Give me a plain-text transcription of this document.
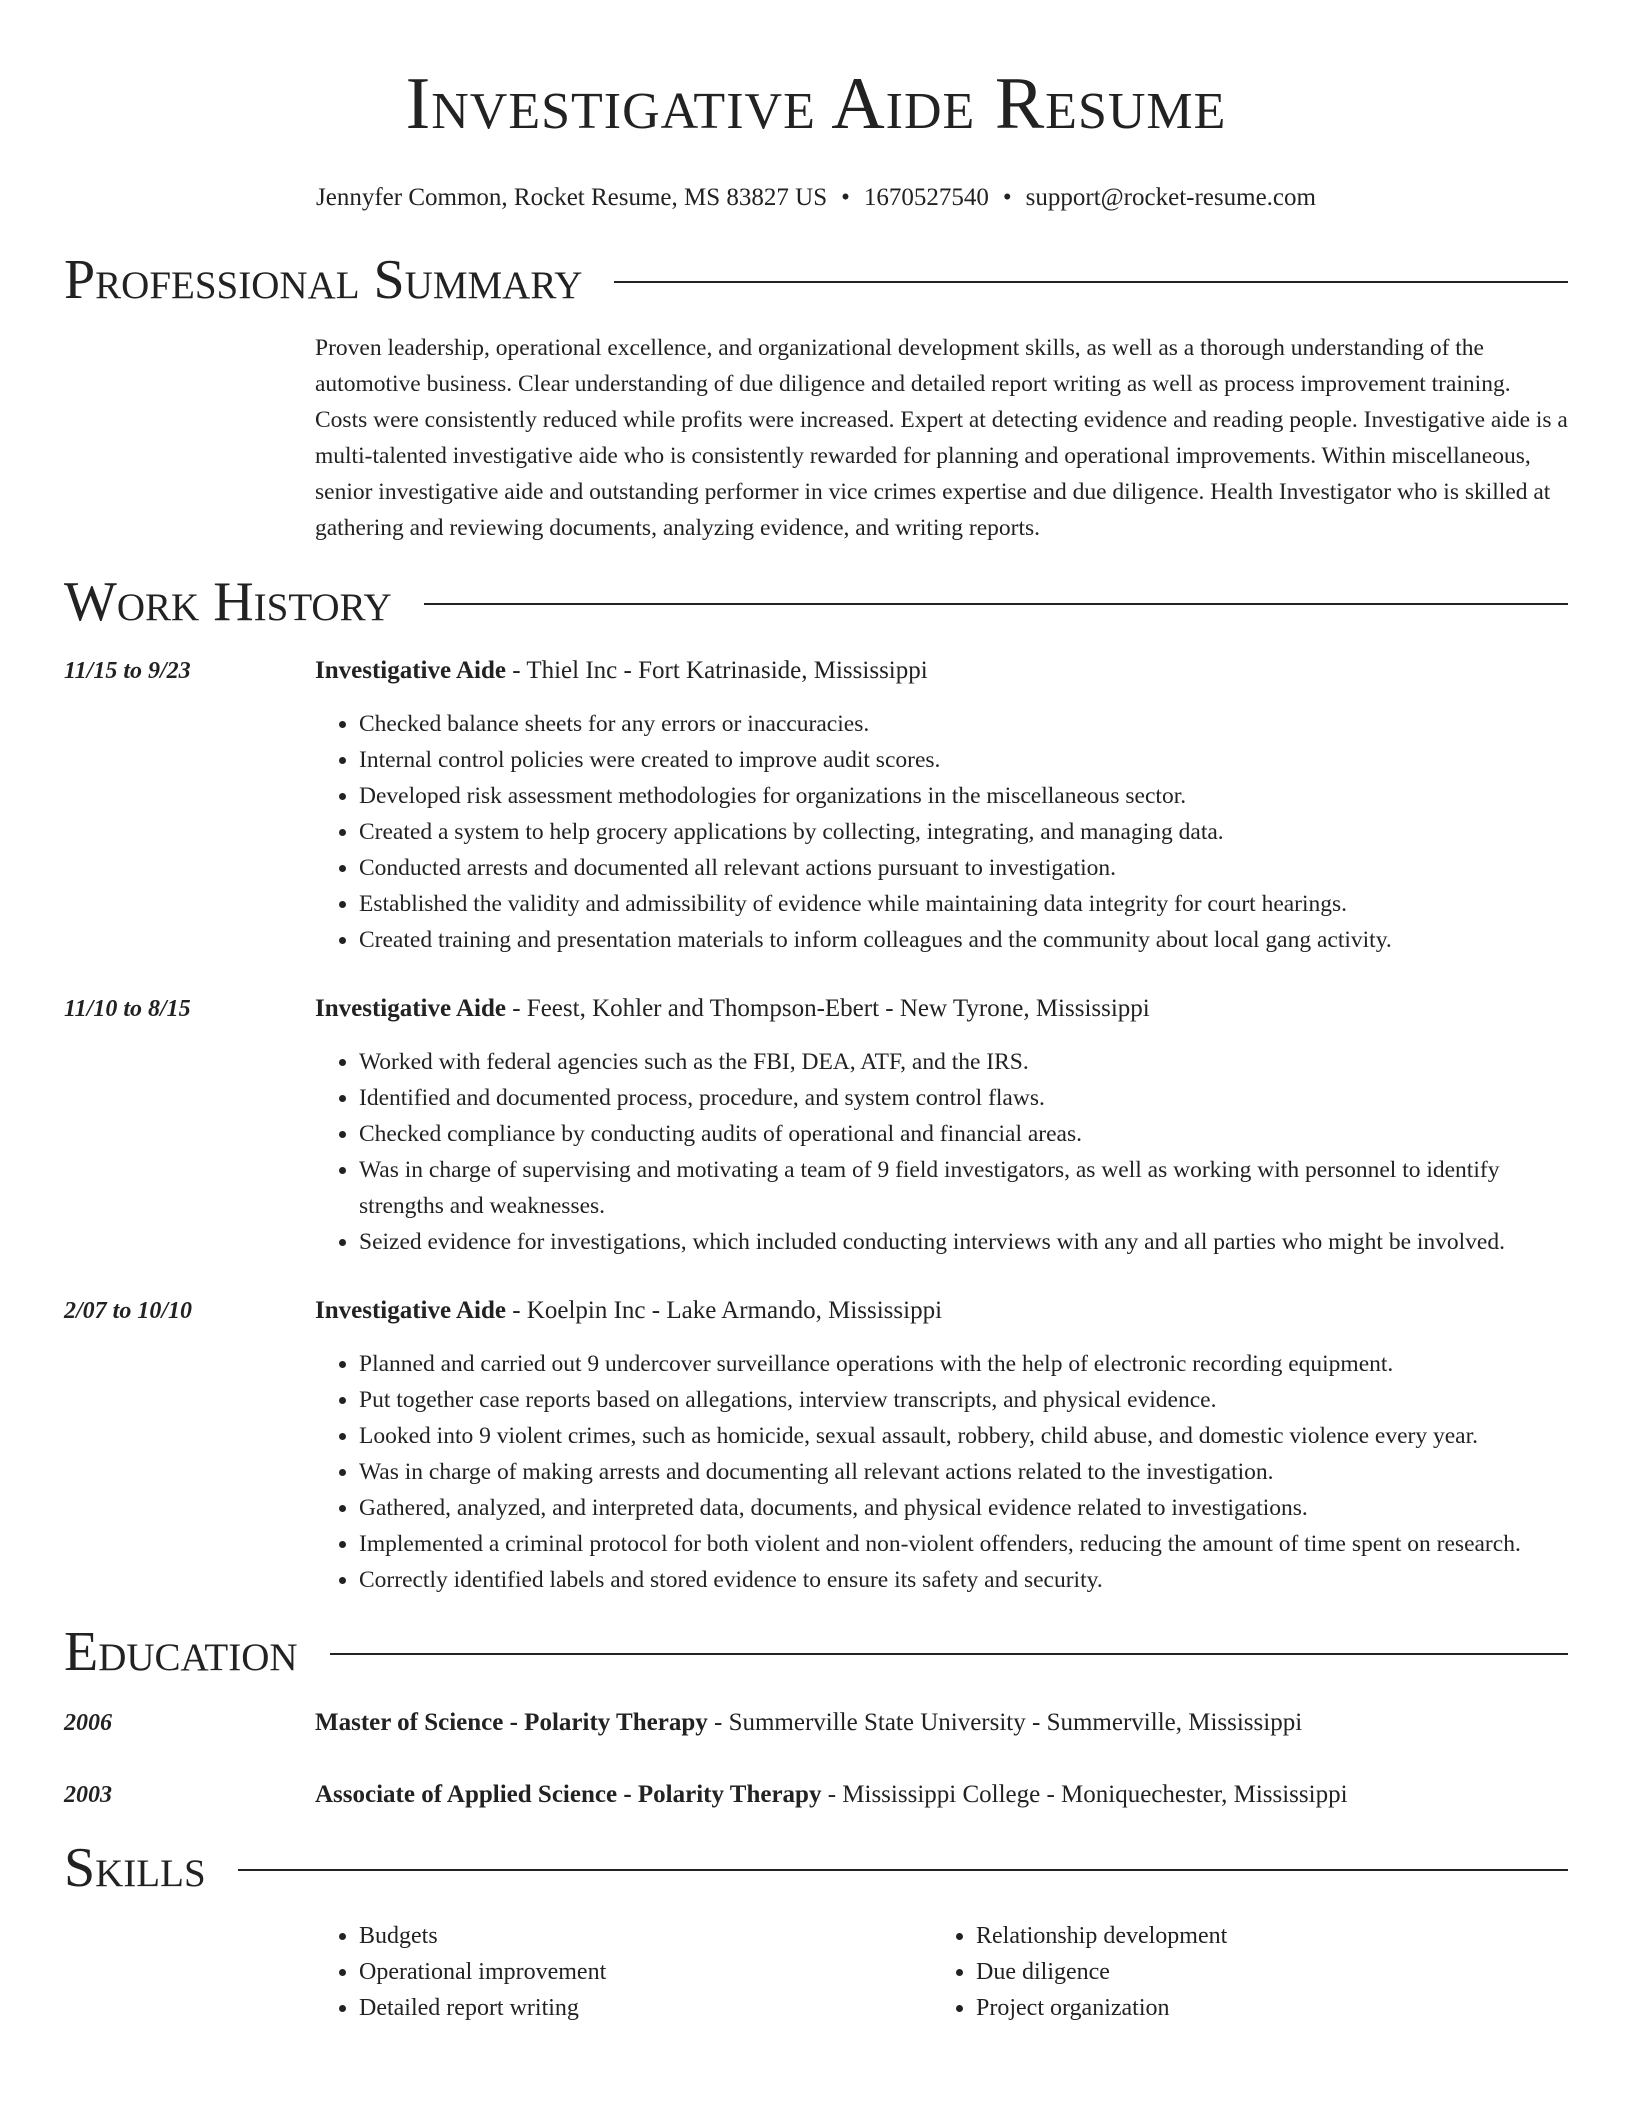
Investigative Aide Resume
Jennyfer Common, Rocket Resume, MS 83827 US • 1670527540 • support@rocket-resume.com
Professional Summary
Proven leadership, operational excellence, and organizational development skills, as well as a thorough understanding of the automotive business. Clear understanding of due diligence and detailed report writing as well as process improvement training. Costs were consistently reduced while profits were increased. Expert at detecting evidence and reading people. Investigative aide is a multi-talented investigative aide who is consistently rewarded for planning and operational improvements. Within miscellaneous, senior investigative aide and outstanding performer in vice crimes expertise and due diligence. Health Investigator who is skilled at gathering and reviewing documents, analyzing evidence, and writing reports.
Work History
11/15 to 9/23	Investigative Aide - Thiel Inc - Fort Katrinaside, Mississippi
• Checked balance sheets for any errors or inaccuracies.
• Internal control policies were created to improve audit scores.
• Developed risk assessment methodologies for organizations in the miscellaneous sector.
• Created a system to help grocery applications by collecting, integrating, and managing data.
• Conducted arrests and documented all relevant actions pursuant to investigation.
• Established the validity and admissibility of evidence while maintaining data integrity for court hearings.
• Created training and presentation materials to inform colleagues and the community about local gang activity.
11/10 to 8/15	Investigative Aide - Feest, Kohler and Thompson-Ebert - New Tyrone, Mississippi
• Worked with federal agencies such as the FBI, DEA, ATF, and the IRS.
• Identified and documented process, procedure, and system control flaws.
• Checked compliance by conducting audits of operational and financial areas.
• Was in charge of supervising and motivating a team of 9 field investigators, as well as working with personnel to identify strengths and weaknesses.
• Seized evidence for investigations, which included conducting interviews with any and all parties who might be involved.
2/07 to 10/10	Investigative Aide - Koelpin Inc - Lake Armando, Mississippi
• Planned and carried out 9 undercover surveillance operations with the help of electronic recording equipment.
• Put together case reports based on allegations, interview transcripts, and physical evidence.
• Looked into 9 violent crimes, such as homicide, sexual assault, robbery, child abuse, and domestic violence every year.
• Was in charge of making arrests and documenting all relevant actions related to the investigation.
• Gathered, analyzed, and interpreted data, documents, and physical evidence related to investigations.
• Implemented a criminal protocol for both violent and non-violent offenders, reducing the amount of time spent on research.
• Correctly identified labels and stored evidence to ensure its safety and security.
Education
2006	Master of Science - Polarity Therapy - Summerville State University - Summerville, Mississippi
2003	Associate of Applied Science - Polarity Therapy - Mississippi College - Moniquechester, Mississippi
Skills
• Budgets
• Operational improvement
• Detailed report writing
• Relationship development
• Due diligence
• Project organization
